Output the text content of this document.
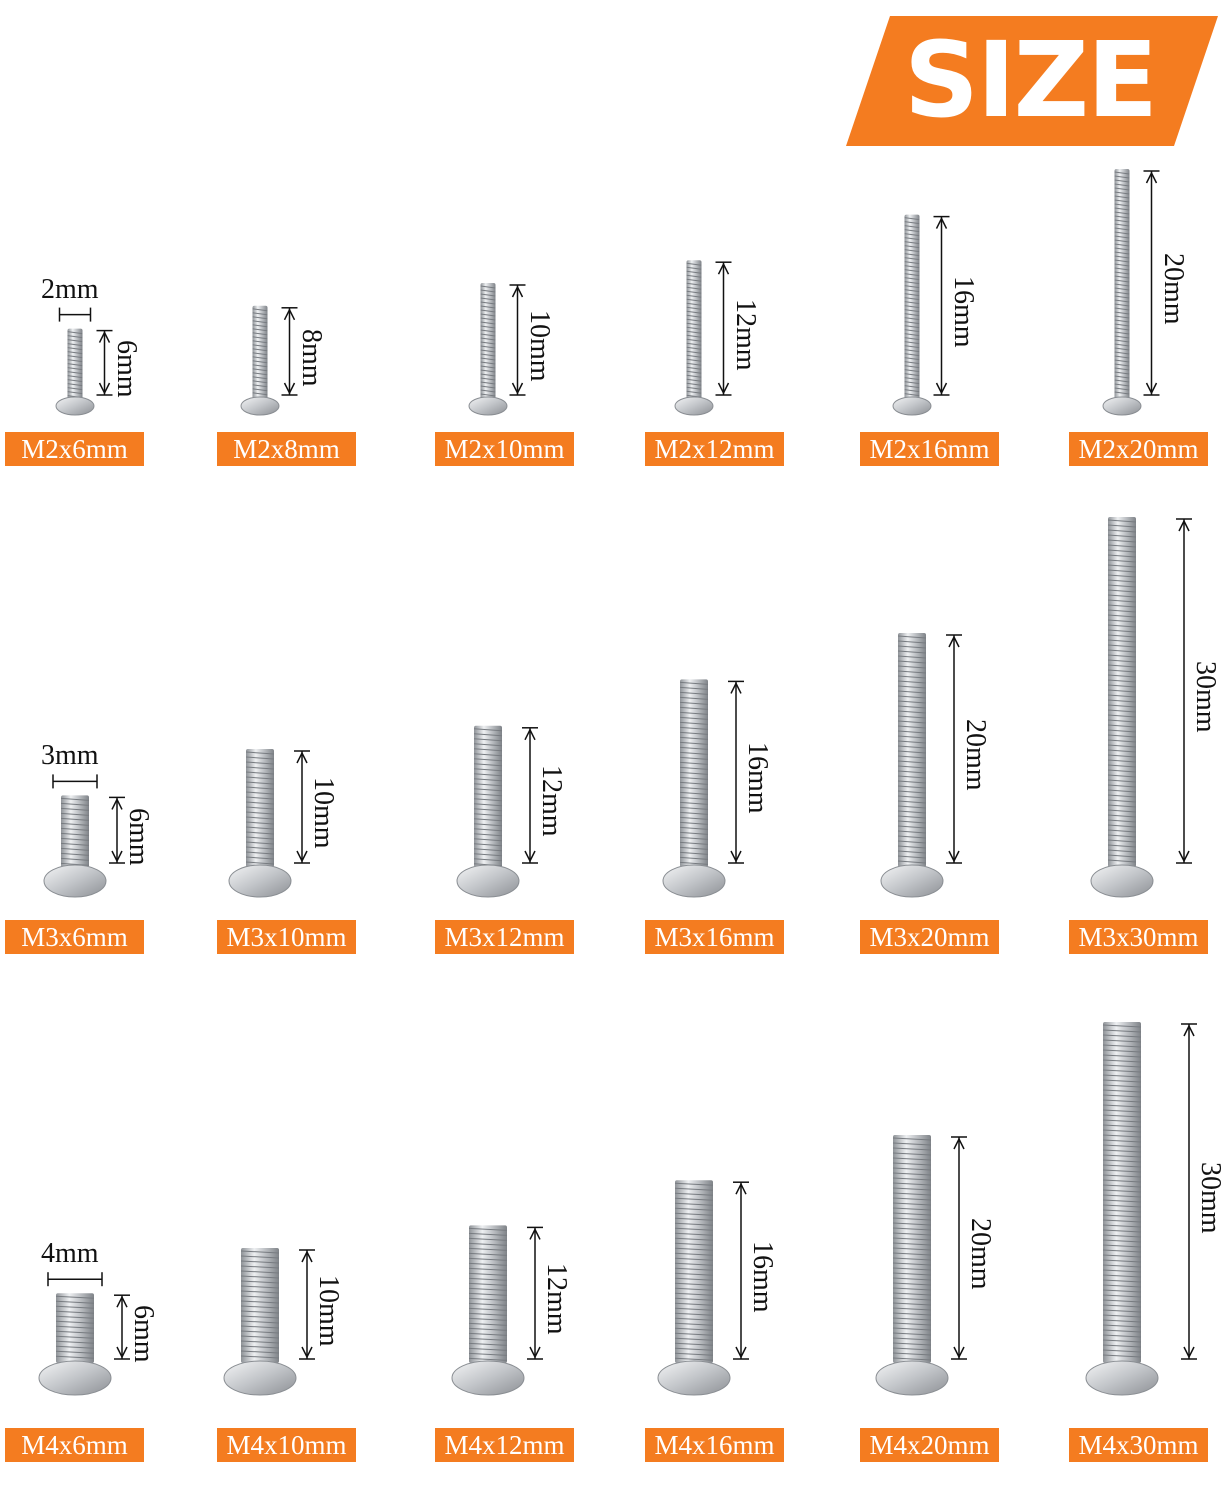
SIZE
6mm
M2x6mm
2mm
8mm
M2x8mm
10mm
M2x10mm
12mm
M2x12mm
16mm
M2x16mm
20mm
M2x20mm
6mm
M3x6mm
3mm
10mm
M3x10mm
12mm
M3x12mm
16mm
M3x16mm
20mm
M3x20mm
30mm
M3x30mm
6mm
M4x6mm
4mm
10mm
M4x10mm
12mm
M4x12mm
16mm
M4x16mm
20mm
M4x20mm
30mm
M4x30mm
